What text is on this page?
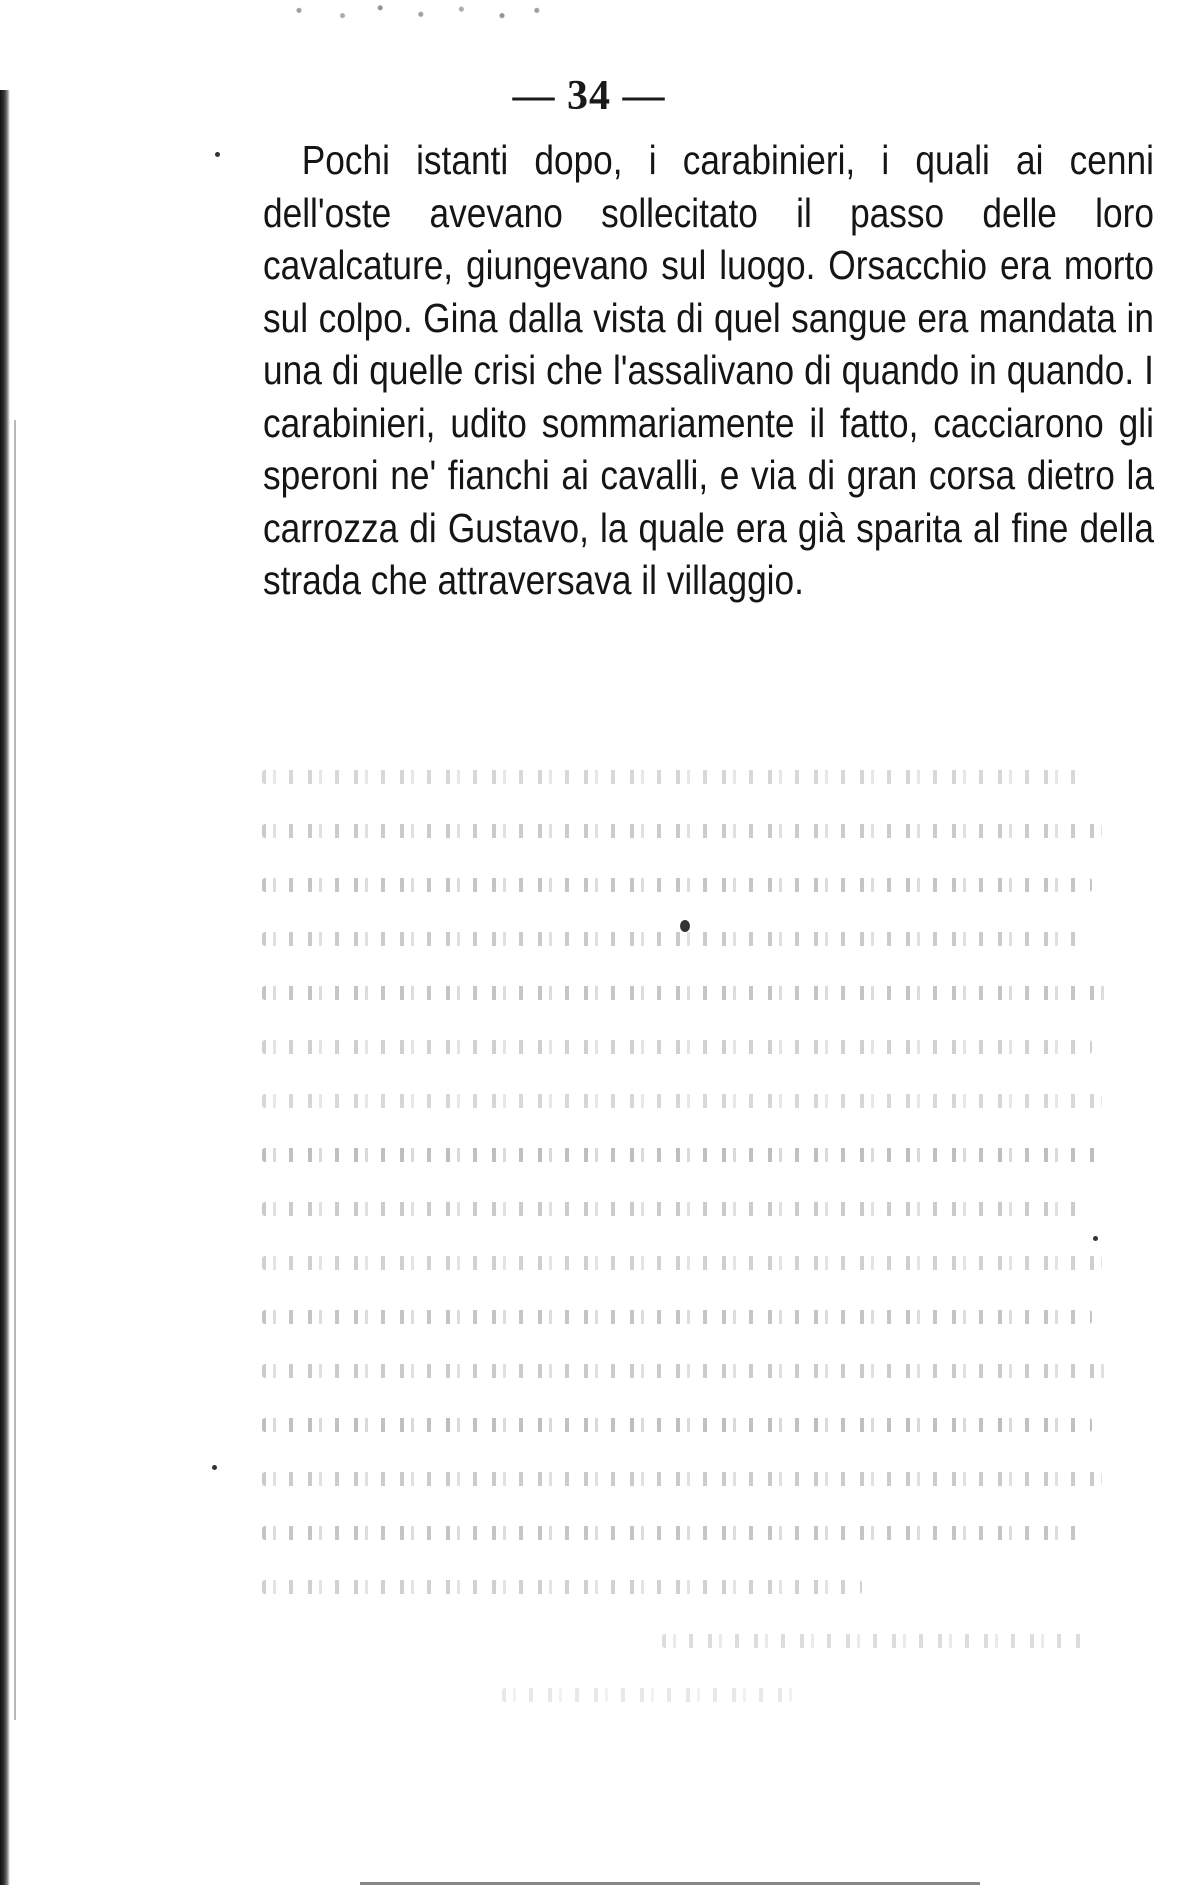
— 34 —

Pochi istanti dopo, i carabinieri, i quali ai cenni dell'oste avevano sollecitato il passo delle loro cavalcature, giungevano sul luogo. Orsacchio era morto sul colpo. Gina dalla vista di quel sangue era mandata in una di quelle crisi che l'assalivano di quando in quando. I carabinieri, udito sommariamente il fatto, cacciarono gli speroni ne' fianchi ai cavalli, e via di gran corsa dietro la carrozza di Gustavo, la quale era già sparita al fine della strada che attraversava il villaggio.
